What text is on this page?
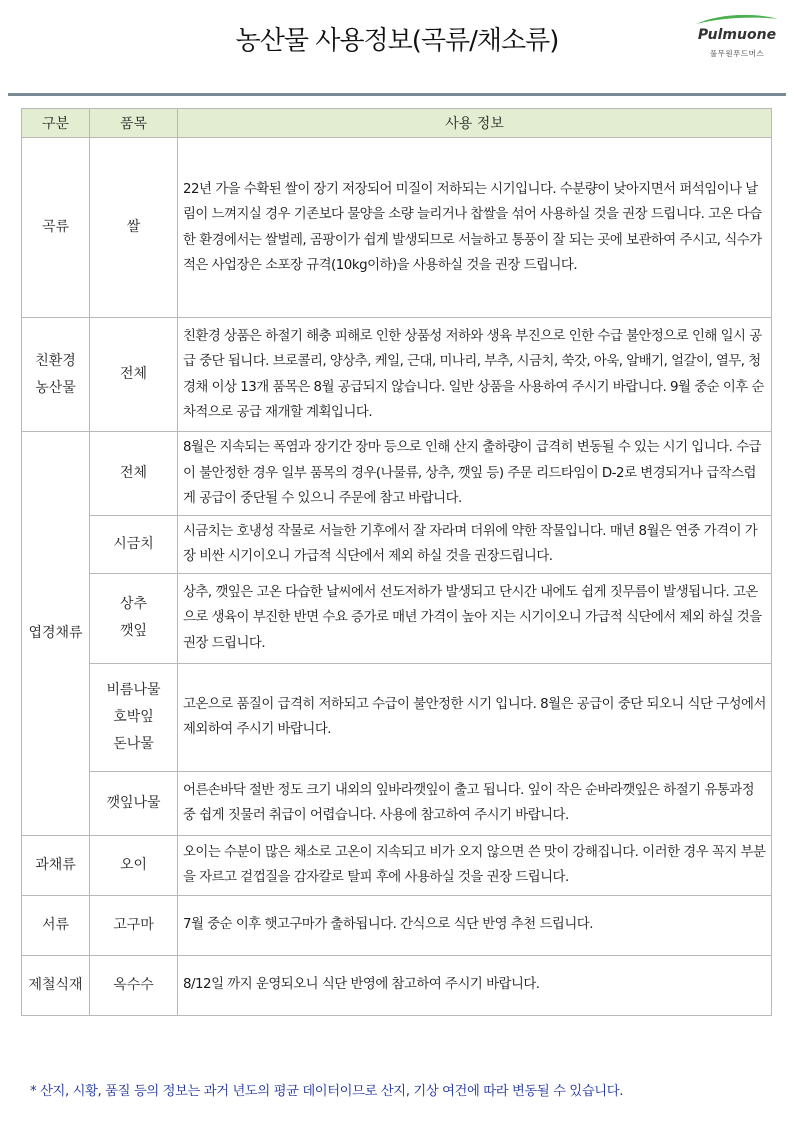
농산물 사용정보(곡류/채소류)	Pulmuone
풀무원푸드머스
구분	품목	사용 정보

곡류	쌀	22년 가을 수확된 쌀이 장기 저장되어 미질이 저하되는 시기입니다. 수분량이 낮아지면서 퍼석임이나 날림이 느껴지실 경우 기존보다 물양을 소량 늘리거나 찹쌀을 섞어 사용하실 것을 권장 드립니다. 고온 다습한 환경에서는 쌀벌레, 곰팡이가 쉽게 발생되므로 서늘하고 통풍이 잘 되는 곳에 보관하여 주시고, 식수가 적은 사업장은 소포장 규격(10kg이하)을 사용하실 것을 권장 드립니다.

친환경
농산물	전체	친환경 상품은 하절기 해충 피해로 인한 상품성 저하와 생육 부진으로 인한 수급 불안정으로 인해 일시 공급 중단 됩니다. 브로콜리, 양상추, 케일, 근대, 미나리, 부추, 시금치, 쑥갓, 아욱, 알배기, 얼갈이, 열무, 청경채 이상 13개 품목은 8월 공급되지 않습니다. 일반 상품을 사용하여 주시기 바랍니다. 9월 중순 이후 순차적으로 공급 재개할 계획입니다.

엽경채류	전체	8월은 지속되는 폭염과 장기간 장마 등으로 인해 산지 출하량이 급격히 변동될 수 있는 시기 입니다. 수급이 불안정한 경우 일부 품목의 경우(나물류, 상추, 깻잎 등) 주문 리드타임이 D-2로 변경되거나 급작스럽게 공급이 중단될 수 있으니 주문에 참고 바랍니다.

	시금치	시금치는 호냉성 작물로 서늘한 기후에서 잘 자라며 더위에 약한 작물입니다. 매년 8월은 연중 가격이 가장 비싼 시기이오니 가급적 식단에서 제외 하실 것을 권장드립니다.

	상추
깻잎	상추, 깻잎은 고온 다습한 날씨에서 선도저하가 발생되고 단시간 내에도 쉽게 짓무름이 발생됩니다. 고온으로 생육이 부진한 반면 수요 증가로 매년 가격이 높아 지는 시기이오니 가급적 식단에서 제외 하실 것을 권장 드립니다.

	비름나물
호박잎
돈나물	고온으로 품질이 급격히 저하되고 수급이 불안정한 시기 입니다. 8월은 공급이 중단 되오니 식단 구성에서 제외하여 주시기 바랍니다.

	깻잎나물	어른손바닥 절반 정도 크기 내외의 잎바라깻잎이 출고 됩니다. 잎이 작은 순바라깻잎은 하절기 유통과정 중 쉽게 짓물러 취급이 어렵습니다. 사용에 참고하여 주시기 바랍니다.

과채류	오이	오이는 수분이 많은 채소로 고온이 지속되고 비가 오지 않으면 쓴 맛이 강해집니다. 이러한 경우 꼭지 부분을 자르고 겉껍질을 감자칼로 탈피 후에 사용하실 것을 권장 드립니다.

서류	고구마	7월 중순 이후 햇고구마가 출하됩니다. 간식으로 식단 반영 추천 드립니다.

제철식재	옥수수	8/12일 까지 운영되오니 식단 반영에 참고하여 주시기 바랍니다.
* 산지, 시황, 품질 등의 정보는 과거 년도의 평균 데이터이므로 산지, 기상 여건에 따라 변동될 수 있습니다.
